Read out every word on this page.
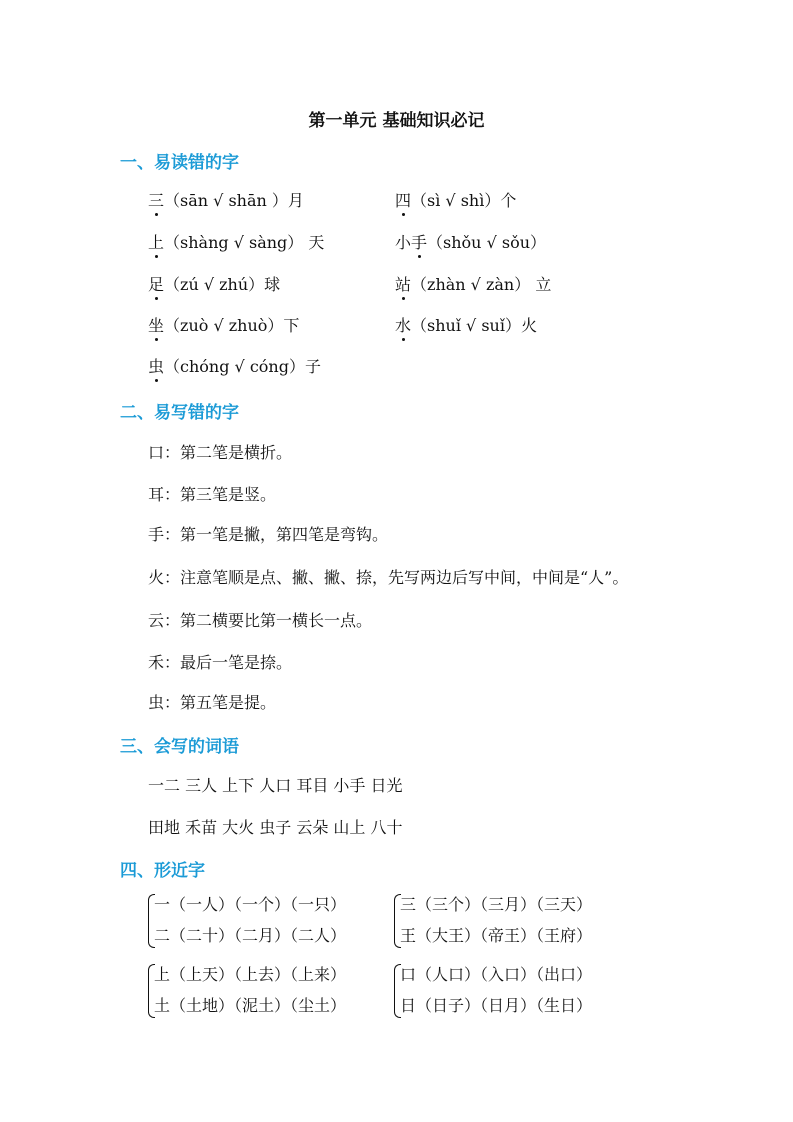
第一单元 基础知识必记
一、易读错的字
三（sān √ shān ）月	四（sì √ shì）个
上（shàng √ sàng） 天	小手（shǒu √ sǒu）
足（zú √ zhú）球	站（zhàn √ zàn） 立
坐（zuò √ zhuò）下	水（shuǐ √ suǐ）火
虫（chóng √ cóng）子
二、易写错的字
口：第二笔是横折。
耳：第三笔是竖。
手：第一笔是撇，第四笔是弯钩。
火：注意笔顺是点、撇、撇、捺，先写两边后写中间，中间是“人”。
云：第二横要比第一横长一点。
禾：最后一笔是捺。
虫：第五笔是提。
三、会写的词语
一二 三人 上下 人口 耳目 小手 日光
田地 禾苗 大火 虫子 云朵 山上 八十
四、形近字
一（一人）（一个）（一只）
二（二十）（二月）（二人）
三（三个）（三月）（三天）
王（大王）（帝王）（王府）
上（上天）（上去）（上来）
土（土地）（泥土）（尘土）
口（人口）（入口）（出口）
日（日子）（日月）（生日）
